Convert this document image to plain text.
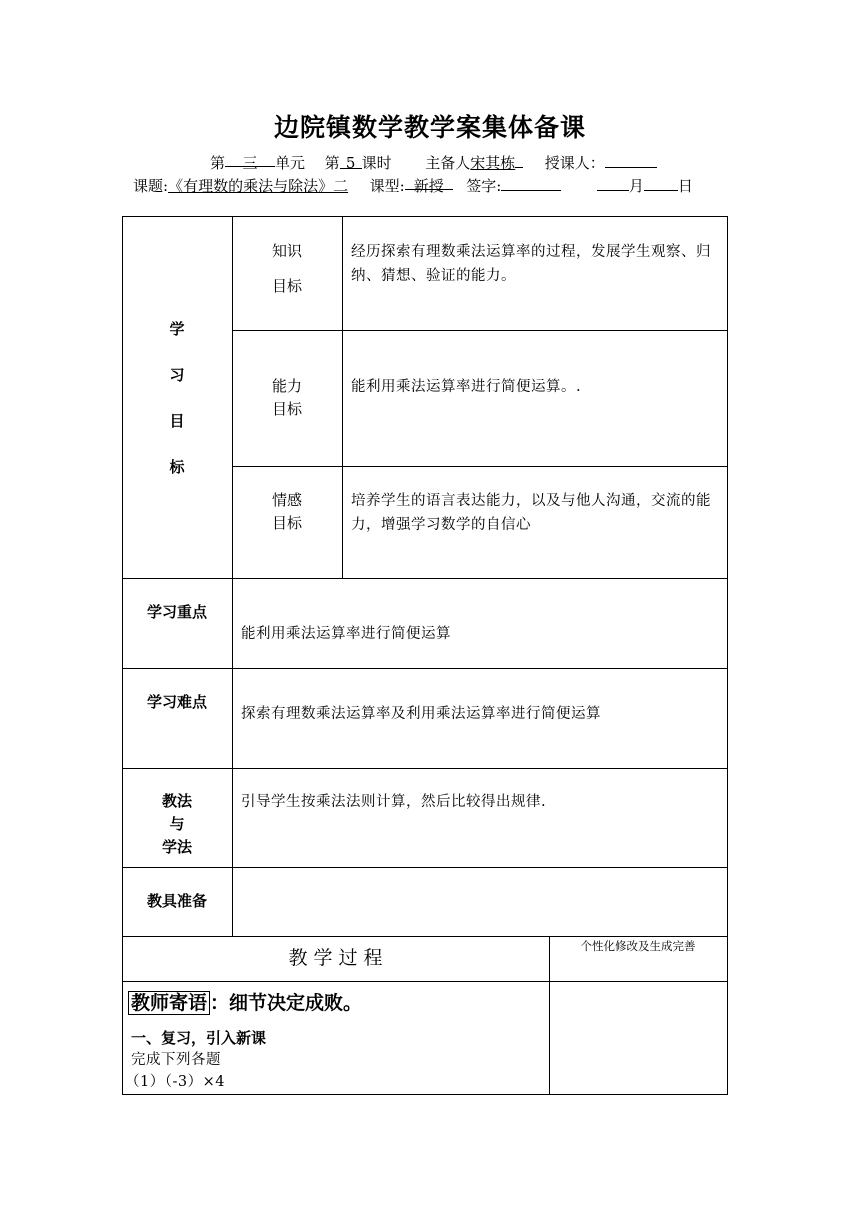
边院镇数学教学案集体备课
第 三 单元 第 5 课时 主备人宋其栋 授课人：
课题:《有理数的乘法与除法》二 课型: 新授 签字:	月 日
学
习
目
标
知识
目标
经历探索有理数乘法运算率的过程，发展学生观察、归纳、猜想、验证的能力。
能力
目标
能利用乘法运算率进行简便运算。.
情感
目标
培养学生的语言表达能力，以及与他人沟通，交流的能力，增强学习数学的自信心
学习重点
能利用乘法运算率进行简便运算
学习难点
探索有理数乘法运算率及利用乘法运算率进行简便运算
教法
与
学法
引导学生按乘法法则计算，然后比较得出规律.
教具准备
教 学 过 程
个性化修改及生成完善
教师寄语 ：细节决定成败。
一、复习，引入新课
完成下列各题
（1）（-3）×4
